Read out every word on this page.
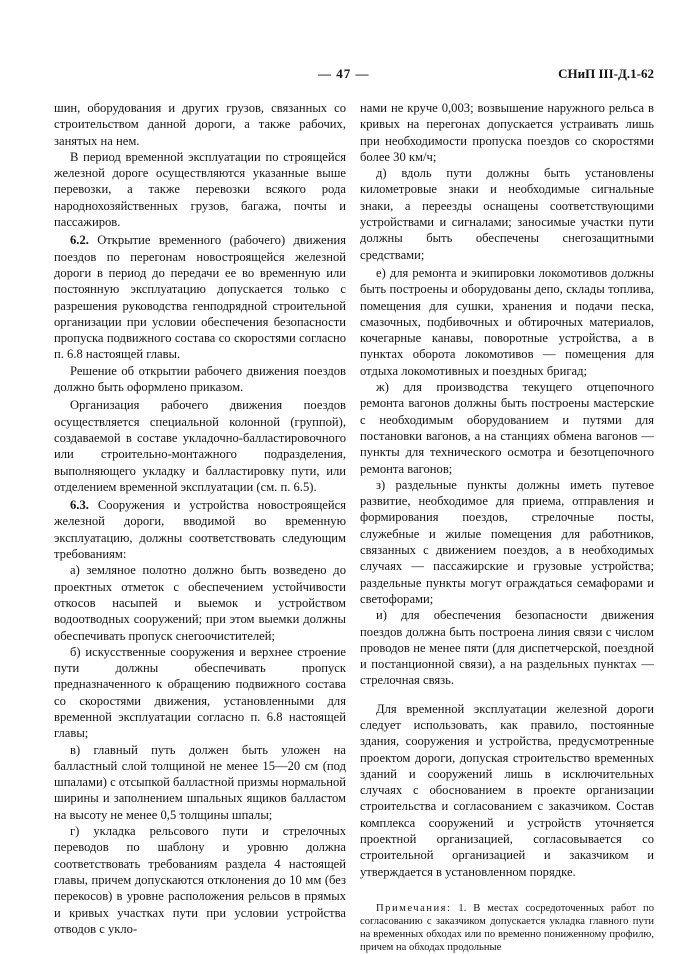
— 47 —	СНиП III-Д.1-62

шин, оборудования и других грузов, связанных со строительством данной дороги, а также рабочих, занятых на нем.

В период временной эксплуатации по строящейся железной дороге осуществляются указанные выше перевозки, а также перевозки всякого рода народнохозяйственных грузов, багажа, почты и пассажиров.

6.2. Открытие временного (рабочего) движения поездов по перегонам новостроящейся железной дороги в период до передачи ее во временную или постоянную эксплуатацию допускается только с разрешения руководства генподрядной строительной организации при условии обеспечения безопасности пропуска подвижного состава со скоростями согласно п. 6.8 настоящей главы.

Решение об открытии рабочего движения поездов должно быть оформлено приказом.

Организация рабочего движения поездов осуществляется специальной колонной (группой), создаваемой в составе укладочно-балластировочного или строительно-монтажного подразделения, выполняющего укладку и балластировку пути, или отделением временной эксплуатации (см. п. 6.5).

6.3. Сооружения и устройства новостроящейся железной дороги, вводимой во временную эксплуатацию, должны соответствовать следующим требованиям:

а) земляное полотно должно быть возведено до проектных отметок с обеспечением устойчивости откосов насыпей и выемок и устройством водоотводных сооружений; при этом выемки должны обеспечивать пропуск снегоочистителей;

б) искусственные сооружения и верхнее строение пути должны обеспечивать пропуск предназначенного к обращению подвижного состава со скоростями движения, установленными для временной эксплуатации согласно п. 6.8 настоящей главы;

в) главный путь должен быть уложен на балластный слой толщиной не менее 15—20 см (под шпалами) с отсыпкой балластной призмы нормальной ширины и заполнением шпальных ящиков балластом на высоту не менее 0,5 толщины шпалы;

г) укладка рельсового пути и стрелочных переводов по шаблону и уровню должна соответствовать требованиям раздела 4 настоящей главы, причем допускаются отклонения до 10 мм (без перекосов) в уровне расположения рельсов в прямых и кривых участках пути при условии устройства отводов с укло-

нами не круче 0,003; возвышение наружного рельса в кривых на перегонах допускается устраивать лишь при необходимости пропуска поездов со скоростями более 30 км/ч;

д) вдоль пути должны быть установлены километровые знаки и необходимые сигнальные знаки, а переезды оснащены соответствующими устройствами и сигналами; заносимые участки пути должны быть обеспечены снегозащитными средствами;

е) для ремонта и экипировки локомотивов должны быть построены и оборудованы депо, склады топлива, помещения для сушки, хранения и подачи песка, смазочных, подбивочных и обтирочных материалов, кочегарные канавы, поворотные устройства, а в пунктах оборота локомотивов — помещения для отдыха локомотивных и поездных бригад;

ж) для производства текущего отцепочного ремонта вагонов должны быть построены мастерские с необходимым оборудованием и путями для постановки вагонов, а на станциях обмена вагонов — пункты для технического осмотра и безотцепочного ремонта вагонов;

з) раздельные пункты должны иметь путевое развитие, необходимое для приема, отправления и формирования поездов, стрелочные посты, служебные и жилые помещения для работников, связанных с движением поездов, а в необходимых случаях — пассажирские и грузовые устройства; раздельные пункты могут ограждаться семафорами и светофорами;

и) для обеспечения безопасности движения поездов должна быть построена линия связи с числом проводов не менее пяти (для диспетчерской, поездной и постанционной связи), а на раздельных пунктах — стрелочная связь.

Для временной эксплуатации железной дороги следует использовать, как правило, постоянные здания, сооружения и устройства, предусмотренные проектом дороги, допуская строительство временных зданий и сооружений лишь в исключительных случаях с обоснованием в проекте организации строительства и согласованием с заказчиком. Состав комплекса сооружений и устройств уточняется проектной организацией, согласовывается со строительной организацией и заказчиком и утверждается в установленном порядке.

Примечания: 1. В местах сосредоточенных работ по согласованию с заказчиком допускается укладка главного пути на временных обходах или по временно пониженному профилю, причем на обходах продольные
